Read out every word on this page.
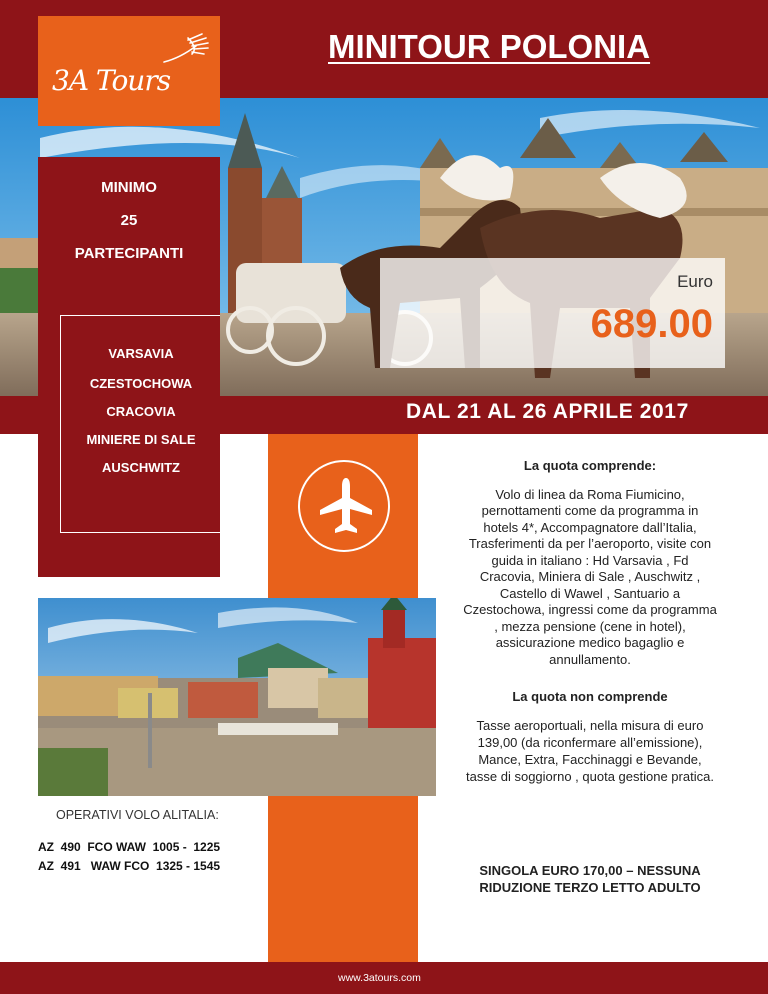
3A Tours
MINITOUR POLONIA
Euro
689.00
DAL 21 AL 26 APRILE 2017
MINIMO
25
PARTECIPANTI
VARSAVIA
CZESTOCHOWA
CRACOVIA
MINIERE DI SALE
AUSCHWITZ	La quota comprende:
Volo di linea da Roma Fiumicino,
pernottamenti come da programma in
hotels 4*, Accompagnatore dall’Italia,
Trasferimenti da per l’aeroporto, visite con
guida in italiano : Hd Varsavia , Fd
Cracovia, Miniera di Sale , Auschwitz ,
Castello di Wawel , Santuario a
Czestochowa, ingressi come da programma
, mezza pensione (cene in hotel),
assicurazione medico bagaglio e
annullamento.
La quota non comprende
Tasse aeroportuali, nella misura di euro
139,00 (da riconfermare all’emissione),
Mance, Extra, Facchinaggi e Bevande,
tasse di soggiorno , quota gestione pratica.
SINGOLA EURO 170,00 – NESSUNA RIDUZIONE TERZO LETTO ADULTO
OPERATIVI VOLO ALITALIA:
AZ  490  FCO WAW  1005 -  1225
AZ  491   WAW FCO  1325 - 1545
www.3atours.com
